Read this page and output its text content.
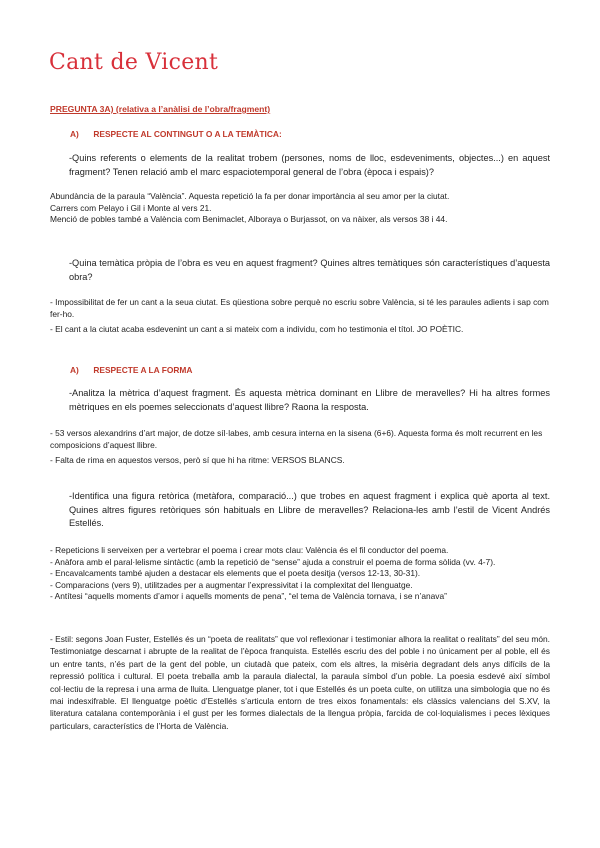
Cant de Vicent

PREGUNTA 3A) (relativa a l’anàlisi de l’obra/fragment)

A) RESPECTE AL CONTINGUT O A LA TEMÀTICA:

-Quins referents o elements de la realitat trobem (persones, noms de lloc, esdeveniments, objectes...) en aquest fragment? Tenen relació amb el marc espaciotemporal general de l’obra (època i espais)?

Abundància de la paraula “València”. Aquesta repetició la fa per donar importància al seu amor per la ciutat.

Carrers com Pelayo i Gil i Monte al vers 21.

Menció de pobles també a València com Benimaclet, Alboraya o Burjassot, on va nàixer, als versos 38 i 44.

-Quina temàtica pròpia de l’obra es veu en aquest fragment? Quines altres temàtiques són característiques d’aquesta obra?

- Impossibilitat de fer un cant a la seua ciutat. Es qüestiona sobre perquè no escriu sobre València, si té les paraules adients i sap com fer-ho.

- El cant a la ciutat acaba esdevenint un cant a si mateix com a individu, com ho testimonia el títol. JO POÈTIC.

A) RESPECTE A LA FORMA

-Analitza la mètrica d’aquest fragment. És aquesta mètrica dominant en Llibre de meravelles? Hi ha altres formes mètriques en els poemes seleccionats d’aquest llibre? Raona la resposta.

- 53 versos alexandrins d’art major, de dotze síl·labes, amb cesura interna en la sisena (6+6). Aquesta forma és molt recurrent en les composicions d’aquest llibre.

- Falta de rima en aquestos versos, però sí que hi ha ritme: VERSOS BLANCS.

-Identifica una figura retòrica (metàfora, comparació...) que trobes en aquest fragment i explica què aporta al text. Quines altres figures retòriques són habituals en Llibre de meravelles? Relaciona-les amb l’estil de Vicent Andrés Estellés.

- Repeticions li serveixen per a vertebrar el poema i crear mots clau: València és el fil conductor del poema.

- Anàfora amb el paral·lelisme sintàctic (amb la repetició de “sense” ajuda a construir el poema de forma sòlida (vv. 4-7).

- Encavalcaments també ajuden a destacar els elements que el poeta desitja (versos 12-13, 30-31).

- Comparacions (vers 9), utilitzades per a augmentar l’expressivitat i la complexitat del llenguatge.

- Antítesi “aquells moments d’amor i aquells moments de pena”, “el tema de València tornava, i se n’anava”

- Estil: segons Joan Fuster, Estellés és un “poeta de realitats” que vol reflexionar i testimoniar alhora la realitat o realitats” del seu món. Testimoniatge descarnat i abrupte de la realitat de l’època franquista. Estellés escriu des del poble i no únicament per al poble, ell és un entre tants, n’és part de la gent del poble, un ciutadà que pateix, com els altres, la misèria degradant dels anys difícils de la repressió política i cultural. El poeta treballa amb la paraula dialectal, la paraula símbol d’un poble. La poesia esdevé així símbol col·lectiu de la represa i una arma de lluita. Llenguatge planer, tot i que Estellés és un poeta culte, on utilitza una simbologia que no és mai indesxifrable. El llenguatge poètic d’Estellés s’articula entorn de tres eixos fonamentals: els clàssics valencians del S.XV, la literatura catalana contemporània i el gust per les formes dialectals de la llengua pròpia, farcida de col·loquialismes i peces lèxiques particulars, característics de l’Horta de València.
